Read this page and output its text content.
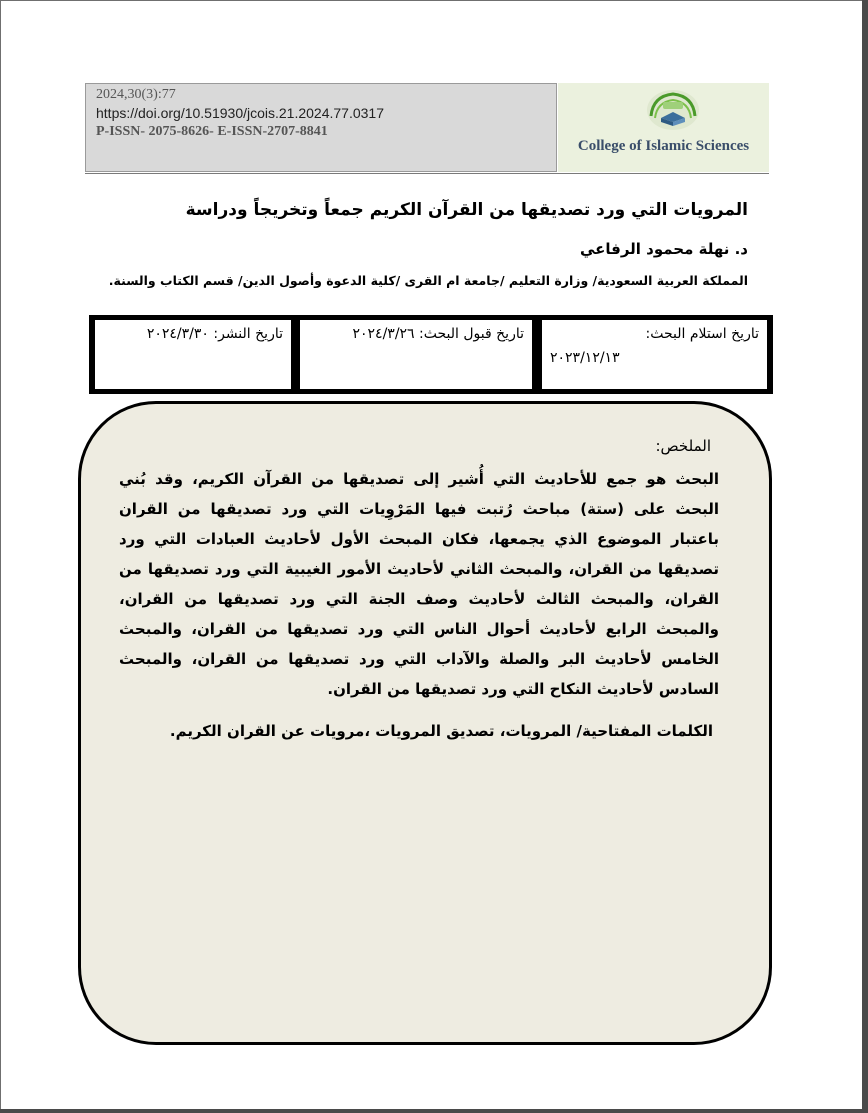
2024,30(3):77
https://doi.org/10.51930/jcois.21.2024.77.0317
P-ISSN- 2075-8626- E-ISSN-2707-8841
College of Islamic Sciences
المرويات التي ورد تصديقها من القرآن الكريم جمعاً وتخريجاً ودراسة
د. نهلة محمود الرفاعي
المملكة العربية السعودية/ وزارة التعليم /جامعة ام القرى /كلية الدعوة وأصول الدين/ قسم الكتاب والسنة.
تاريخ استلام البحث:
٢٠٢٣/١٢/١٣
تاريخ قبول البحث: ٢٠٢٤/٣/٢٦
تاريخ النشر: ٢٠٢٤/٣/٣٠
الملخص:
البحث هو جمع للأحاديث التي أُشير إلى تصديقها من القرآن الكريم، وقد بُني البحث على (ستة) مباحث رُتبت فيها المَرْوِيات التي ورد تصديقها من القران باعتبار الموضوع الذي يجمعها، فكان المبحث الأول لأحاديث العبادات التي ورد تصديقها من القران، والمبحث الثاني لأحاديث الأمور الغيبية التي ورد تصديقها من القران، والمبحث الثالث لأحاديث وصف الجنة التي ورد تصديقها من القران، والمبحث الرابع لأحاديث أحوال الناس التي ورد تصديقها من القران، والمبحث الخامس لأحاديث البر والصلة والآداب التي ورد تصديقها من القران، والمبحث السادس لأحاديث النكاح التي ورد تصديقها من القران.
الكلمات المفتاحية/ المرويات، تصديق المرويات ،مرويات عن القران الكريم.
